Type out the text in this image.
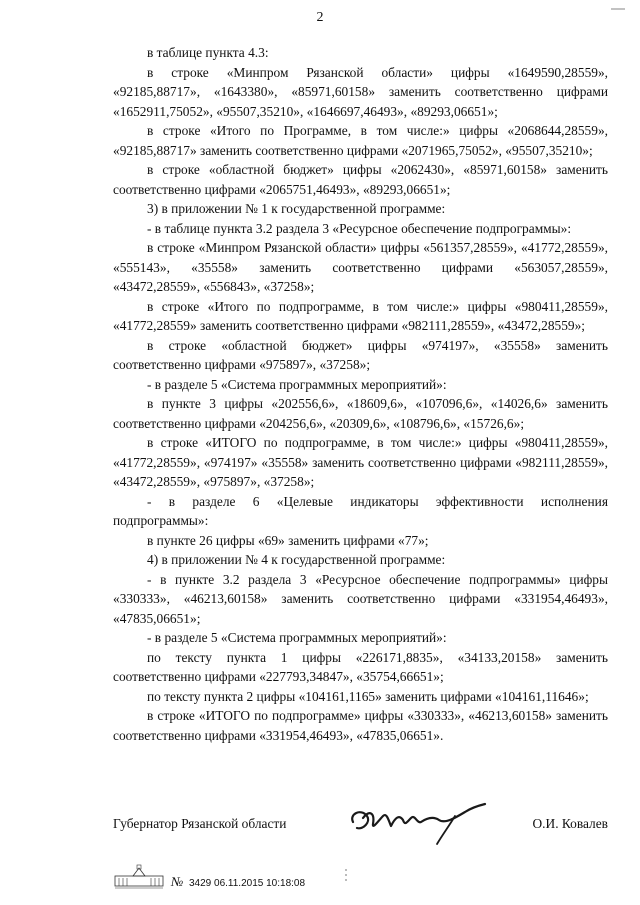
2

в таблице пункта 4.3:

в строке «Минпром Рязанской области» цифры «1649590,28559», «92185,88717», «1643380», «85971,60158» заменить соответственно цифрами «1652911,75052», «95507,35210», «1646697,46493», «89293,06651»;

в строке «Итого по Программе, в том числе:» цифры «2068644,28559», «92185,88717» заменить соответственно цифрами «2071965,75052», «95507,35210»;

в строке «областной бюджет» цифры «2062430», «85971,60158» заменить соответственно цифрами «2065751,46493», «89293,06651»;

3) в приложении № 1 к государственной программе:

- в таблице пункта 3.2 раздела 3 «Ресурсное обеспечение подпрограммы»:

в строке «Минпром Рязанской области» цифры «561357,28559», «41772,28559», «555143», «35558» заменить соответственно цифрами «563057,28559», «43472,28559», «556843», «37258»;

в строке «Итого по подпрограмме, в том числе:» цифры «980411,28559», «41772,28559» заменить соответственно цифрами «982111,28559», «43472,28559»;

в строке «областной бюджет» цифры «974197», «35558» заменить соответственно цифрами «975897», «37258»;

- в разделе 5 «Система программных мероприятий»:

в пункте 3 цифры «202556,6», «18609,6», «107096,6», «14026,6» заменить соответственно цифрами «204256,6», «20309,6», «108796,6», «15726,6»;

в строке «ИТОГО по подпрограмме, в том числе:» цифры «980411,28559», «41772,28559», «974197» «35558» заменить соответственно цифрами «982111,28559», «43472,28559», «975897», «37258»;

- в разделе 6 «Целевые индикаторы эффективности исполнения подпрограммы»:

в пункте 26 цифры «69» заменить цифрами «77»;

4) в приложении № 4 к государственной программе:

- в пункте 3.2 раздела 3 «Ресурсное обеспечение подпрограммы» цифры «330333», «46213,60158» заменить соответственно цифрами «331954,46493», «47835,06651»;

- в разделе 5 «Система программных мероприятий»:

по тексту пункта 1 цифры «226171,8835», «34133,20158» заменить соответственно цифрами «227793,34847», «35754,66651»;

по тексту пункта 2 цифры «104161,1165» заменить цифрами «104161,11646»;

в строке «ИТОГО по подпрограмме» цифры «330333», «46213,60158» заменить соответственно цифрами «331954,46493», «47835,06651».

Губернатор Рязанской области	О.И. Ковалев
№ 3429 06.11.2015 10:18:08
